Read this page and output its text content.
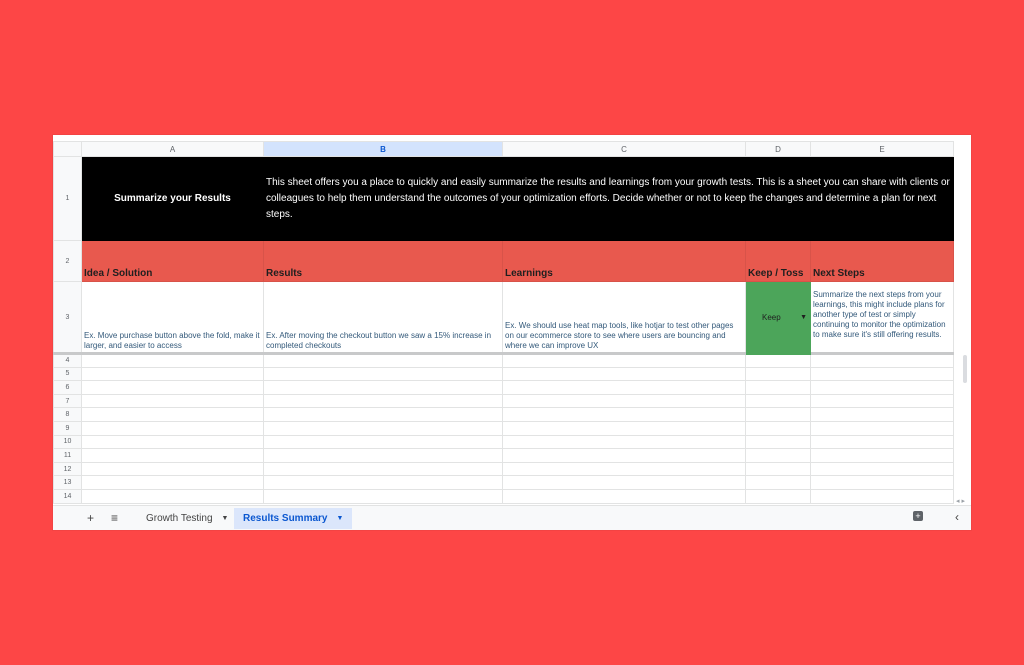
	A	B	C	D	E
1	Summarize your Results	This sheet offers you a place to quickly and easily summarize the results and learnings from your growth tests. This is a sheet you can share with clients or colleagues to help them understand the outcomes of your optimization efforts. Decide whether or not to keep the changes and determine a plan for next steps.			

2	Idea / Solution	Results	Learnings	Keep / Toss	Next Steps
3	Ex. Move purchase button above the fold, make it larger, and easier to access	Ex. After moving the checkout button we saw a 15% increase in completed checkouts	Ex. We should use heat map tools, like hotjar to test other pages on our ecommerce store to see where users are bouncing and where we can improve UX	Keep ▼	Summarize the next steps from your learnings, this might include plans for another type of test or simply continuing to monitor the optimization to make sure it's still offering results.
4					
5					
6					
7					
8					
9					
10					
11					
12					
13					
14					
◂ ▸
+ ≡	Growth Testing ▼ Results Summary ▼	+	‹
